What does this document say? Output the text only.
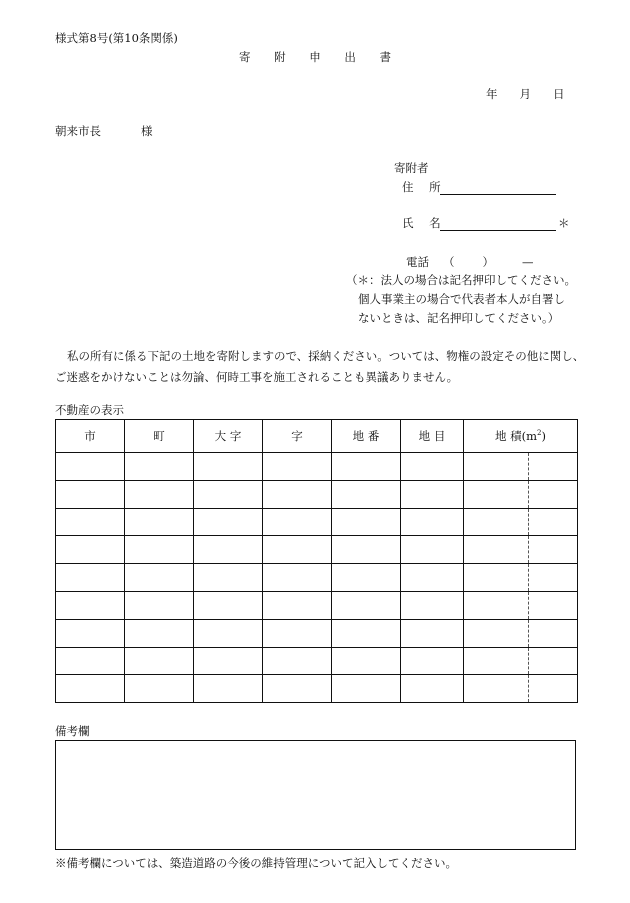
様式第8号(第10条関係)
寄 附 申 出 書
年 月 日
朝来市長	様
寄附者
住 所
氏 名	＊
電話 （ ） —
（＊：法人の場合は記名押印してください。
個人事業主の場合で代表者本人が自署し
ないときは、記名押印してください。）
私の所有に係る下記の土地を寄附しますので、採納ください。ついては、物権の設定その他に関し、ご迷惑をかけないことは勿論、何時工事を施工されることも異議ありません。
不動産の表示
市	町	大 字	字	地 番	地 目	地 積$(m^2)$	

備考欄
※備考欄については、築造道路の今後の維持管理について記入してください。
